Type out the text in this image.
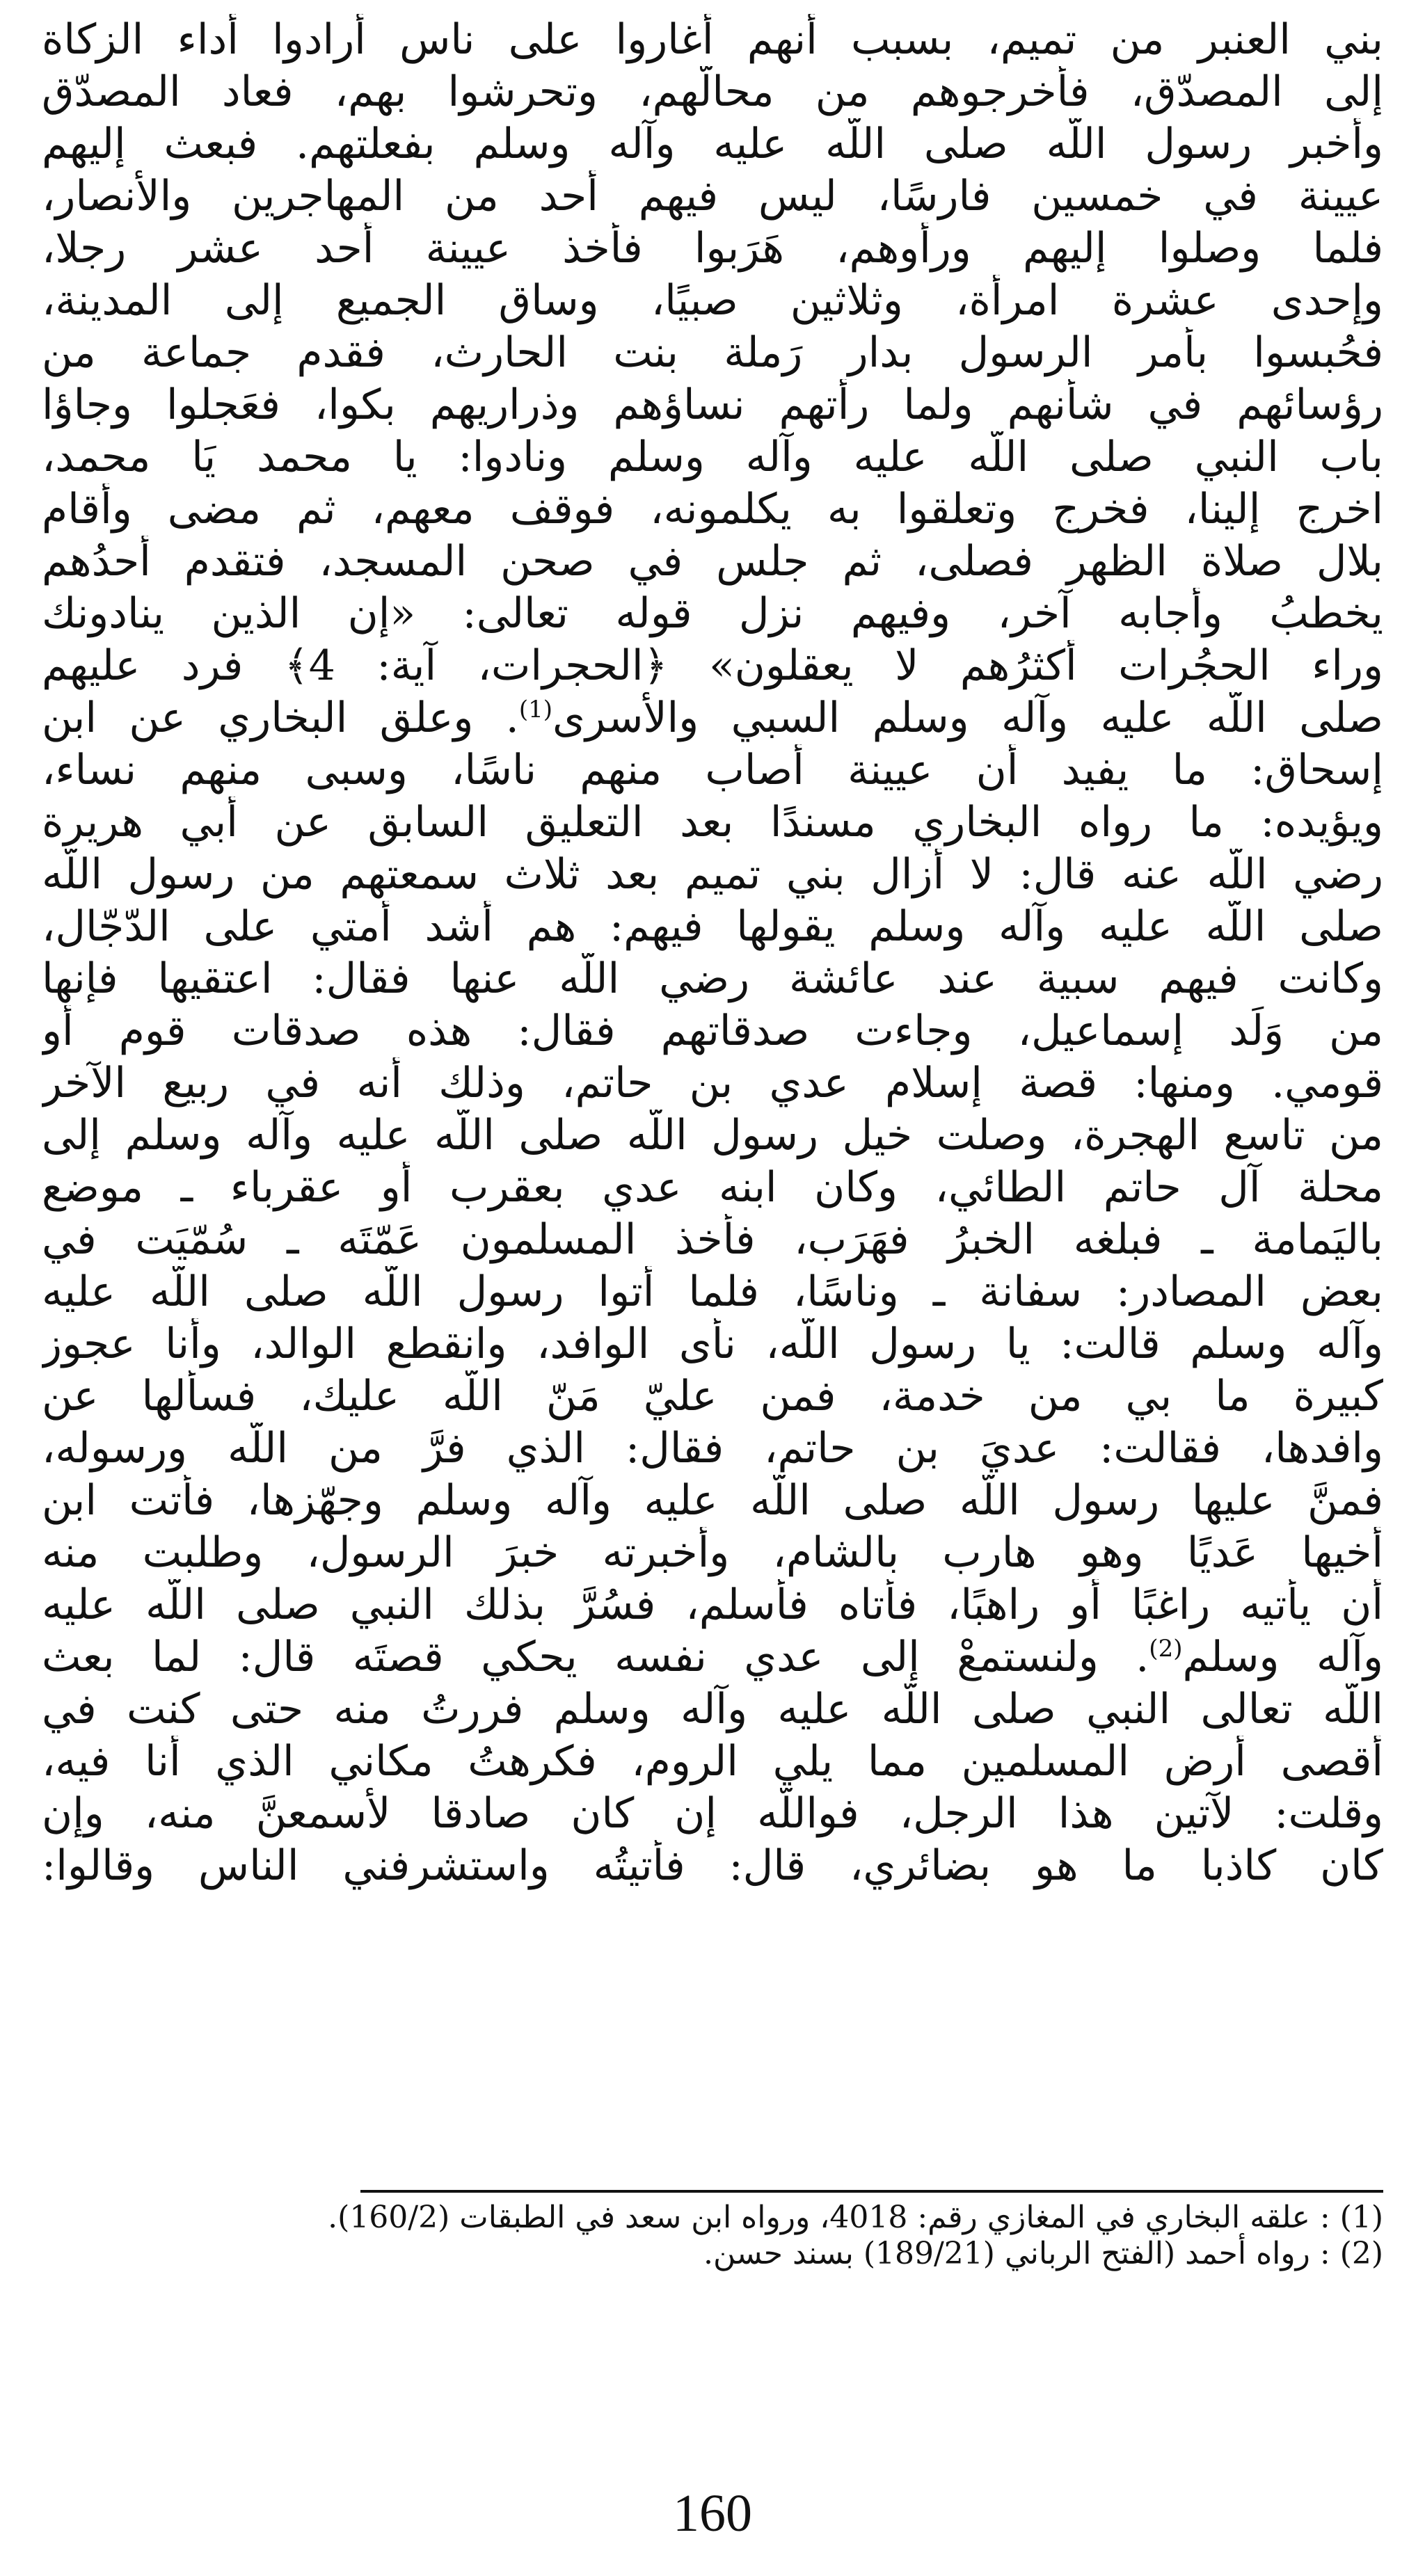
بني العنبر من تميم، بسبب أنهم أغاروا على ناس أرادوا أداء الزكاة
إلى المصدّق، فأخرجوهم من محالّهم، وتحرشوا بهم، فعاد المصدّق
وأخبر رسول اللّه صلى اللّه عليه وآله وسلم بفعلتهم. فبعث إليهم
عيينة في خمسين فارسًا، ليس فيهم أحد من المهاجرين والأنصار،
فلما وصلوا إليهم ورأوهم، هَرَبوا فأخذ عيينة أحد عشر رجلا،
وإحدى عشرة امرأة، وثلاثين صبيًا، وساق الجميع إلى المدينة،
فحُبسوا بأمر الرسول بدار رَملة بنت الحارث، فقدم جماعة من
رؤسائهم في شأنهم ولما رأتهم نساؤهم وذراريهم بكوا، فعَجلوا وجاؤا
باب النبي صلى اللّه عليه وآله وسلم ونادوا: يا محمد يَا محمد،
اخرج إلينا، فخرج وتعلقوا به يكلمونه، فوقف معهم، ثم مضى وأقام
بلال صلاة الظهر فصلى، ثم جلس في صحن المسجد، فتقدم أحدُهم
يخطبُ وأجابه آخر، وفيهم نزل قوله تعالى: «إن الذين ينادونك
وراء الحجُرات أكثرُهم لا يعقلون» ﴿الحجرات، آية: 4﴾ فرد عليهم
صلى اللّه عليه وآله وسلم السبي والأسرى$^{(1)}$. وعلق البخاري عن ابن
إسحاق: ما يفيد أن عيينة أصاب منهم ناسًا، وسبى منهم نساء،
ويؤيده: ما رواه البخاري مسندًا بعد التعليق السابق عن أبي هريرة
رضي اللّه عنه قال: لا أزال بني تميم بعد ثلاث سمعتهم من رسول اللّه
صلى اللّه عليه وآله وسلم يقولها فيهم: هم أشد أمتي على الدّجّال،
وكانت فيهم سبية عند عائشة رضي اللّه عنها فقال: اعتقيها فإنها
من وَلَد إسماعيل، وجاءت صدقاتهم فقال: هذه صدقات قوم أو
قومي. ومنها: قصة إسلام عدي بن حاتم، وذلك أنه في ربيع الآخر
من تاسع الهجرة، وصلت خيل رسول اللّه صلى اللّه عليه وآله وسلم إلى
محلة آل حاتم الطائي، وكان ابنه عدي بعقرب أو عقرباء ـ موضع
باليَمامة ـ فبلغه الخبرُ فهَرَب، فأخذ المسلمون عَمّتَه ـ سُمّيَت في
بعض المصادر: سفانة ـ وناسًا، فلما أتوا رسول اللّه صلى اللّه عليه
وآله وسلم قالت: يا رسول اللّه، نأى الوافد، وانقطع الوالد، وأنا عجوز
كبيرة ما بي من خدمة، فمن عليّ مَنّ اللّه عليك، فسألها عن
وافدها، فقالت: عديَ بن حاتم، فقال: الذي فرَّ من اللّه ورسوله،
فمنَّ عليها رسول اللّه صلى اللّه عليه وآله وسلم وجهّزها، فأتت ابن
أخيها عَديًا وهو هارب بالشام، وأخبرته خبرَ الرسول، وطلبت منه
أن يأتيه راغبًا أو راهبًا، فأتاه فأسلم، فسُرَّ بذلك النبي صلى اللّه عليه
وآله وسلم$^{(2)}$. ولنستمعْ إلى عدي نفسه يحكي قصتَه قال: لما بعث
اللّه تعالى النبي صلى اللّه عليه وآله وسلم فررتُ منه حتى كنت في
أقصى أرض المسلمين مما يلي الروم، فكرهتُ مكاني الذي أنا فيه،
وقلت: لآتين هذا الرجل، فواللّه إن كان صادقا لأسمعنَّ منه، وإن
كان كاذبا ما هو بضائري، قال: فأتيتُه واستشرفني الناس وقالوا:
(1) : علقه البخاري في المغازي رقم: 4018، ورواه ابن سعد في الطبقات (160/2).
(2) : رواه أحمد (الفتح الرباني (189/21) بسند حسن.
160
